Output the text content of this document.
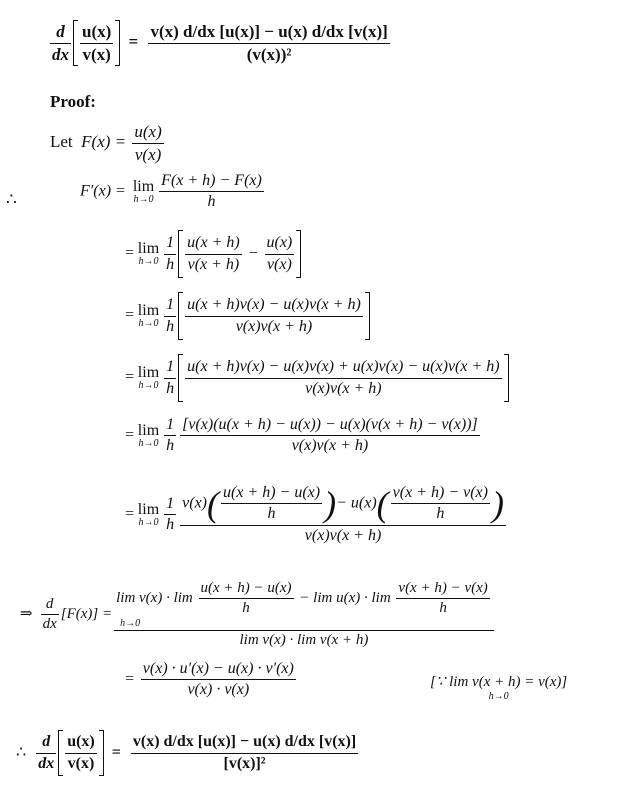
$\frac{d}{dx} \frac{u(x)}{v(x)} = \frac{v(x) d/dx [u(x)] - u(x) d/dx [v(x)]}{\text{(v(x))²}}$
Proof:
Let $F(x) = \frac{u(x)}{v(x)}$
∴	F′(x) = lim
$h\to 0 \frac{F(x + h) - F(x)}{h}$
= lim
$h\to 0 \frac{1}{h} \frac{u(x + h)}{v(x + h)} - \frac{u(x)}{v(x)}$
= lim
$h\to 0 \frac{1}{h} \frac{u(x + h)v(x) - u(x)v(x + h)}{v(x)v(x + h)}$
= lim
$h\to 0 \frac{1}{h} \frac{u(x + h)v(x) - u(x)v(x) + u(x)v(x) - u(x)v(x + h)}{v(x)v(x + h)}$
= lim
$h\to 0 \frac{1}{h} \frac{[v(x)(u(x + h) - u(x)) - u(x)(v(x + h) - v(x))]}{v(x)v(x + h)}$
= lim
$h\to 0 \frac{1}{h} \frac{v(x)( \frac{u(x + h) - u(x)}{h} )- u(x)( \frac{v(x + h) - v(x)}{h} )}{v(x)v(x + h)}$
⇒ $\frac{d}{dx} [F(x)]$ =
$\lim v(x) \cdot \lim \frac{u(x + h) - u(x)}{h} - \lim u(x) \cdot \lim \frac{v(x + h) - v(x)}{h}$
h→0
lim v(x) · lim v(x + h)
= $\frac{v(x) \cdot u'(x) - u(x) \cdot v'(x)}{v(x) \cdot v(x)}$	[∵ lim v(x + h) = v(x)]
h→0
∴ $\frac{d}{dx} \frac{u(x)}{v(x)} = \frac{v(x) d/dx [u(x)] - u(x) d/dx [v(x)]}{\text{[v(x)]²}}$
